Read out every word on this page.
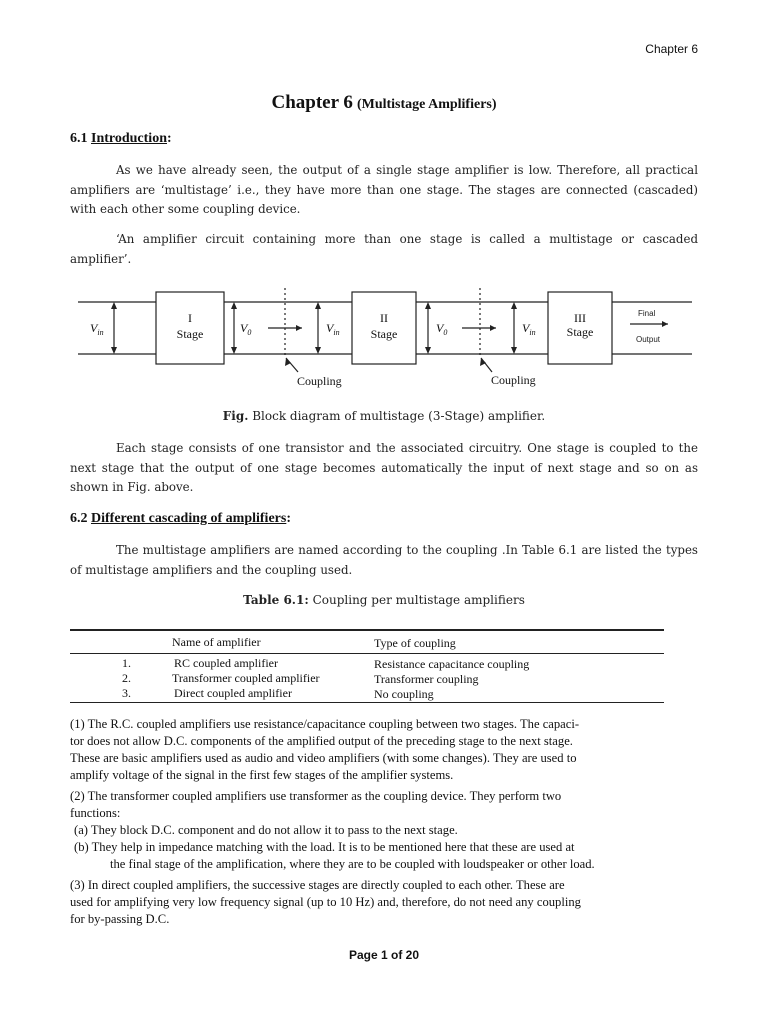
Chapter 6
Chapter 6 (Multistage Amplifiers)
6.1 Introduction:
As we have already seen, the output of a single stage amplifier is low. Therefore, all practical amplifiers are ‘multistage’ i.e., they have more than one stage. The stages are connected (cascaded) with each other some coupling device.
‘An amplifier circuit containing more than one stage is called a multistage or cascaded amplifier’.
$V_{in}$
I
Stage	$V_0$	$V_{in}$
II
Stage	$V_0$	$V_{in}$
III
Stage
Coupling	Coupling
Final
Output
Fig. Block diagram of multistage (3-Stage) amplifier.
Each stage consists of one transistor and the associated circuitry. One stage is coupled to the next stage that the output of one stage becomes automatically the input of next stage and so on as shown in Fig. above.
6.2 Different cascading of amplifiers:
The multistage amplifiers are named according to the coupling .In Table 6.1 are listed the types of multistage amplifiers and the coupling used.
Table 6.1: Coupling per multistage amplifiers
Name of amplifier	Type of coupling
1.	RC coupled amplifier	Resistance capacitance coupling
2.	Transformer coupled amplifier	Transformer coupling
3.	Direct coupled amplifier	No coupling
(1) The R.C. coupled amplifiers use resistance/capacitance coupling between two stages. The capaci-
tor does not allow D.C. components of the amplified output of the preceding stage to the next stage.
These are basic amplifiers used as audio and video amplifiers (with some changes). They are used to
amplify voltage of the signal in the first few stages of the amplifier systems.
(2) The transformer coupled amplifiers use transformer as the coupling device. They perform two
functions:
(a) They block D.C. component and do not allow it to pass to the next stage.
(b) They help in impedance matching with the load. It is to be mentioned here that these are used at
the final stage of the amplification, where they are to be coupled with loudspeaker or other load.
(3) In direct coupled amplifiers, the successive stages are directly coupled to each other. These are
used for amplifying very low frequency signal (up to 10 Hz) and, therefore, do not need any coupling
for by-passing D.C.
Page 1 of 20
